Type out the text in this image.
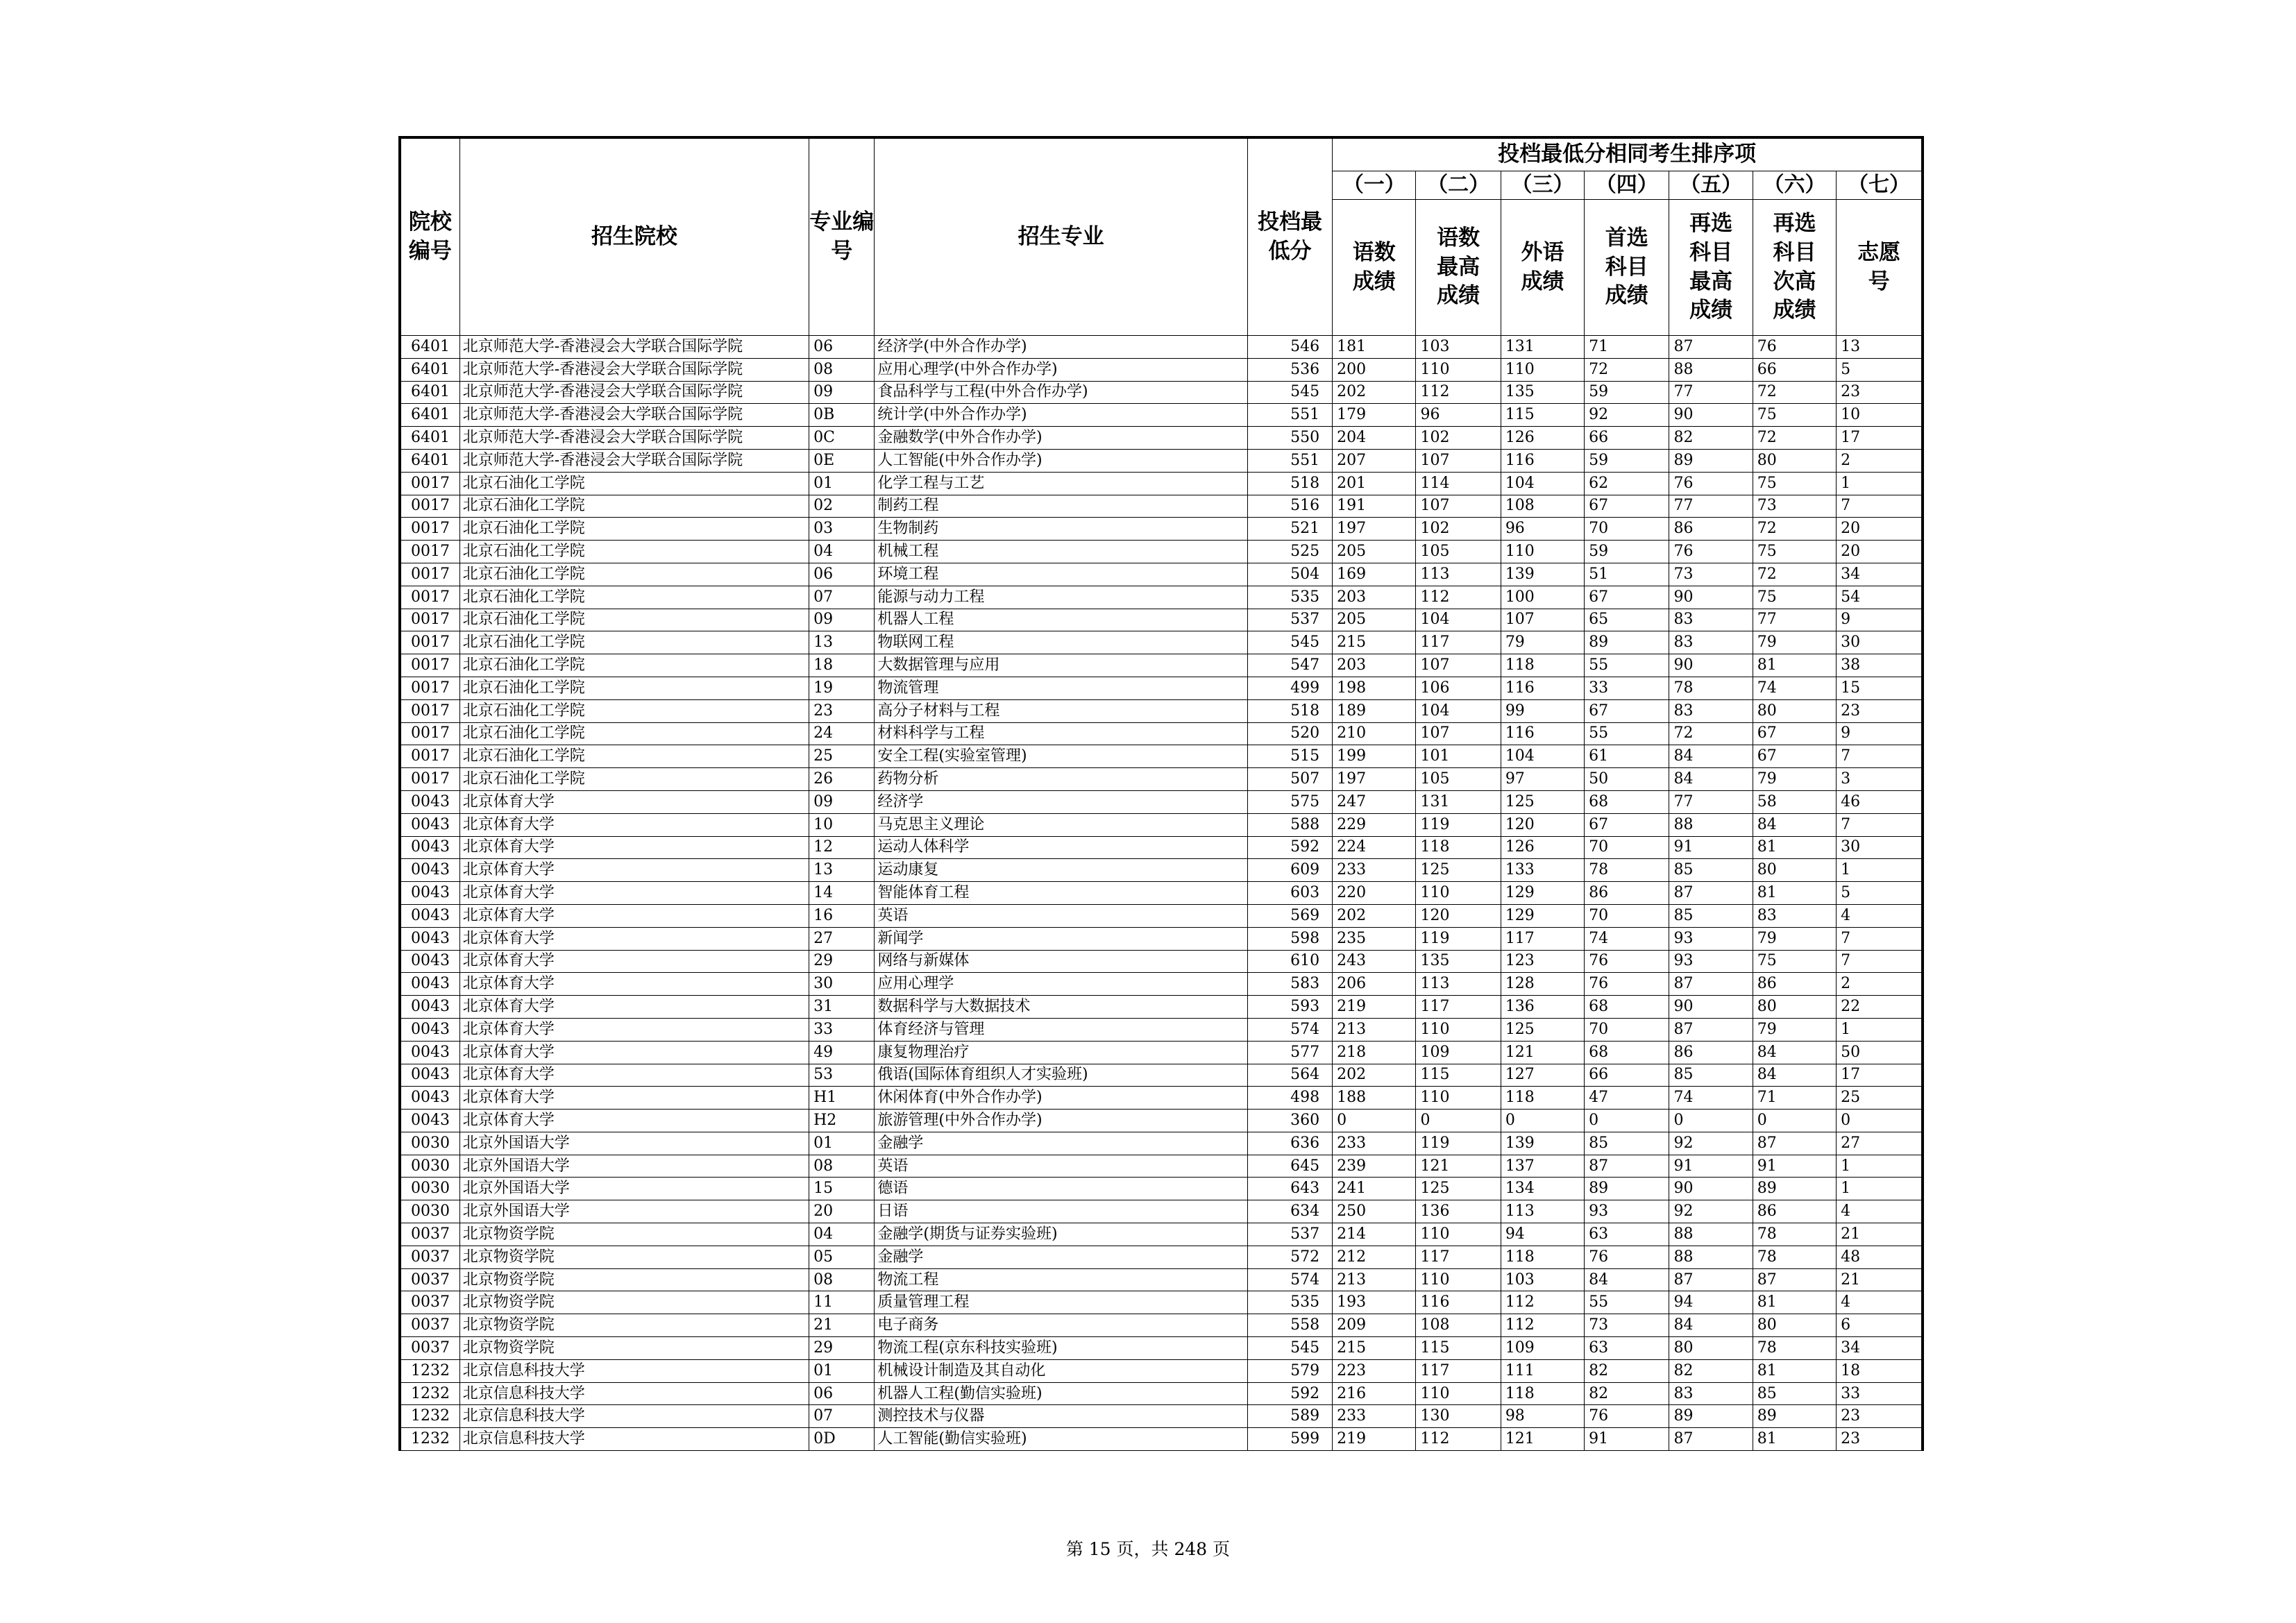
院校编号	招生院校	专业编号	招生专业	投档最低分	投档最低分相同考生排序项						
					（一）	（二）	（三）	（四）	（五）	（六）	（七）
					语数成绩	语数最高成绩	外语成绩	首选科目成绩	再选科目最高成绩	再选科目次高成绩	志愿号
6401	北京师范大学-香港浸会大学联合国际学院	06	经济学(中外合作办学)	546	181	103	131	71	87	76	13
6401	北京师范大学-香港浸会大学联合国际学院	08	应用心理学(中外合作办学)	536	200	110	110	72	88	66	5
6401	北京师范大学-香港浸会大学联合国际学院	09	食品科学与工程(中外合作办学)	545	202	112	135	59	77	72	23
6401	北京师范大学-香港浸会大学联合国际学院	0B	统计学(中外合作办学)	551	179	96	115	92	90	75	10
6401	北京师范大学-香港浸会大学联合国际学院	0C	金融数学(中外合作办学)	550	204	102	126	66	82	72	17
6401	北京师范大学-香港浸会大学联合国际学院	0E	人工智能(中外合作办学)	551	207	107	116	59	89	80	2
0017	北京石油化工学院	01	化学工程与工艺	518	201	114	104	62	76	75	1
0017	北京石油化工学院	02	制药工程	516	191	107	108	67	77	73	7
0017	北京石油化工学院	03	生物制药	521	197	102	96	70	86	72	20
0017	北京石油化工学院	04	机械工程	525	205	105	110	59	76	75	20
0017	北京石油化工学院	06	环境工程	504	169	113	139	51	73	72	34
0017	北京石油化工学院	07	能源与动力工程	535	203	112	100	67	90	75	54
0017	北京石油化工学院	09	机器人工程	537	205	104	107	65	83	77	9
0017	北京石油化工学院	13	物联网工程	545	215	117	79	89	83	79	30
0017	北京石油化工学院	18	大数据管理与应用	547	203	107	118	55	90	81	38
0017	北京石油化工学院	19	物流管理	499	198	106	116	33	78	74	15
0017	北京石油化工学院	23	高分子材料与工程	518	189	104	99	67	83	80	23
0017	北京石油化工学院	24	材料科学与工程	520	210	107	116	55	72	67	9
0017	北京石油化工学院	25	安全工程(实验室管理)	515	199	101	104	61	84	67	7
0017	北京石油化工学院	26	药物分析	507	197	105	97	50	84	79	3
0043	北京体育大学	09	经济学	575	247	131	125	68	77	58	46
0043	北京体育大学	10	马克思主义理论	588	229	119	120	67	88	84	7
0043	北京体育大学	12	运动人体科学	592	224	118	126	70	91	81	30
0043	北京体育大学	13	运动康复	609	233	125	133	78	85	80	1
0043	北京体育大学	14	智能体育工程	603	220	110	129	86	87	81	5
0043	北京体育大学	16	英语	569	202	120	129	70	85	83	4
0043	北京体育大学	27	新闻学	598	235	119	117	74	93	79	7
0043	北京体育大学	29	网络与新媒体	610	243	135	123	76	93	75	7
0043	北京体育大学	30	应用心理学	583	206	113	128	76	87	86	2
0043	北京体育大学	31	数据科学与大数据技术	593	219	117	136	68	90	80	22
0043	北京体育大学	33	体育经济与管理	574	213	110	125	70	87	79	1
0043	北京体育大学	49	康复物理治疗	577	218	109	121	68	86	84	50
0043	北京体育大学	53	俄语(国际体育组织人才实验班)	564	202	115	127	66	85	84	17
0043	北京体育大学	H1	休闲体育(中外合作办学)	498	188	110	118	47	74	71	25
0043	北京体育大学	H2	旅游管理(中外合作办学)	360	0	0	0	0	0	0	0
0030	北京外国语大学	01	金融学	636	233	119	139	85	92	87	27
0030	北京外国语大学	08	英语	645	239	121	137	87	91	91	1
0030	北京外国语大学	15	德语	643	241	125	134	89	90	89	1
0030	北京外国语大学	20	日语	634	250	136	113	93	92	86	4
0037	北京物资学院	04	金融学(期货与证券实验班)	537	214	110	94	63	88	78	21
0037	北京物资学院	05	金融学	572	212	117	118	76	88	78	48
0037	北京物资学院	08	物流工程	574	213	110	103	84	87	87	21
0037	北京物资学院	11	质量管理工程	535	193	116	112	55	94	81	4
0037	北京物资学院	21	电子商务	558	209	108	112	73	84	80	6
0037	北京物资学院	29	物流工程(京东科技实验班)	545	215	115	109	63	80	78	34
1232	北京信息科技大学	01	机械设计制造及其自动化	579	223	117	111	82	82	81	18
1232	北京信息科技大学	06	机器人工程(勤信实验班)	592	216	110	118	82	83	85	33
1232	北京信息科技大学	07	测控技术与仪器	589	233	130	98	76	89	89	23
1232	北京信息科技大学	0D	人工智能(勤信实验班)	599	219	112	121	91	87	81	23
第 15 页，共 248 页
